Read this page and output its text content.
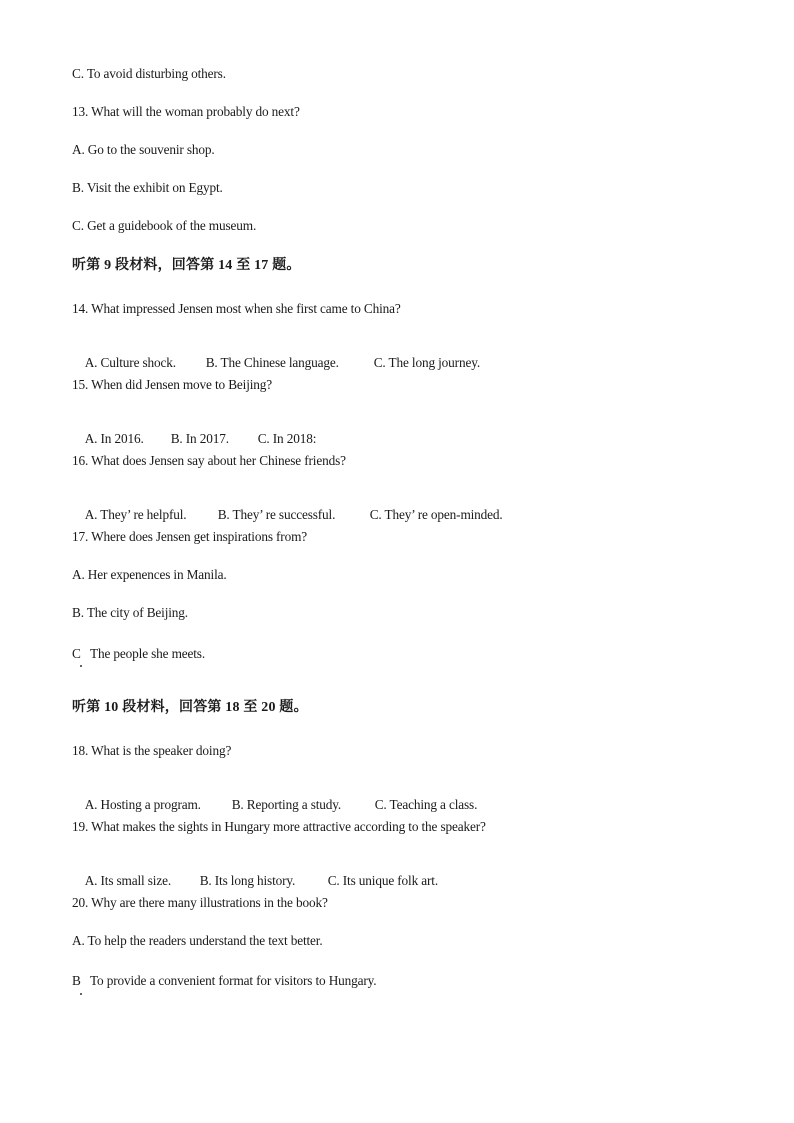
C. To avoid disturbing others.
13. What will the woman probably do next?
A. Go to the souvenir shop.
B. Visit the exhibit on Egypt.
C. Get a guidebook of the museum.
听第 9 段材料，回答第 14 至 17 题。
14. What impressed Jensen most when she first came to China?

A. Culture shock. B. The Chinese language.	C. The long journey.

15. When did Jensen move to Beijing?

A. In 2016. B. In 2017. C. In 2018:

16. What does Jensen say about her Chinese friends?

A. They’ re helpful. B. They’ re successful.	C. They’ re open-minded.

17. Where does Jensen get inspirations from?
A. Her expenences in Manila.
B. The city of Beijing.
C   The people she meets.
听第 10 段材料，回答第 18 至 20 题。
18. What is the speaker doing?

A. Hosting a program. B. Reporting a study.	C. Teaching a class.

19. What makes the sights in Hungary more attractive according to the speaker?

A. Its small size. B. Its long history. C. Its unique folk art.

20. Why are there many illustrations in the book?
A. To help the readers understand the text better.
B   To provide a convenient format for visitors to Hungary.
